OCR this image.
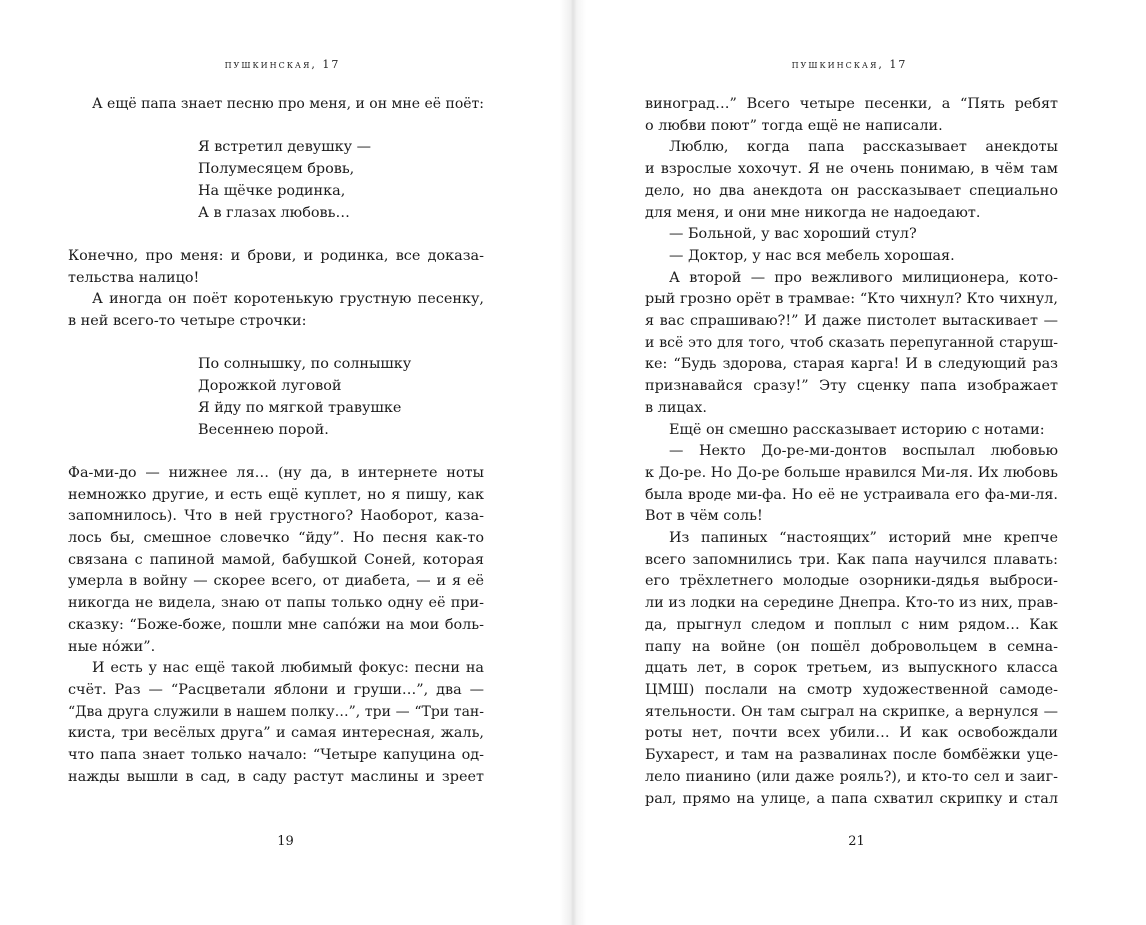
пушкинская, 17
А ещё папа знает песню про меня, и он мне её поёт:
Я встретил девушку —
Полумесяцем бровь,
На щёчке родинка,
А в глазах любовь…
Конечно, про меня: и брови, и родинка, все доказа-
тельства налицо!
А иногда он поёт коротенькую грустную песенку,
в ней всего-то четыре строчки:
По солнышку, по солнышку
Дорожкой луговой
Я йду по мягкой травушке
Весеннею порой.
Фа-ми-до — нижнее ля… (ну да, в интернете ноты
немножко другие, и есть ещё куплет, но я пишу, как
запомнилось). Что в ней грустного? Наоборот, каза-
лось бы, смешное словечко “йду”. Но песня как-то
связана с папиной мамой, бабушкой Соней, которая
умерла в войну — скорее всего, от диабета, — и я её
никогда не видела, знаю от папы только одну её при-
сказку: “Боже-боже, пошли мне сапóжи на мои боль-
ные нóжи”.
И есть у нас ещё такой любимый фокус: песни на
счёт. Раз — “Расцветали яблони и груши…”, два —
“Два друга служили в нашем полку…”, три — “Три тан-
киста, три весёлых друга” и самая интересная, жаль,
что папа знает только начало: “Четыре капуцина од-
нажды вышли в сад, в саду растут маслины и зреет
19
пушкинская, 17
виноград…” Всего четыре песенки, а “Пять ребят
о любви поют” тогда ещё не написали.
Люблю, когда папа рассказывает анекдоты
и взрослые хохочут. Я не очень понимаю, в чём там
дело, но два анекдота он рассказывает специально
для меня, и они мне никогда не надоедают.
— Больной, у вас хороший стул?
— Доктор, у нас вся мебель хорошая.
А второй — про вежливого милиционера, кото-
рый грозно орёт в трамвае: “Кто чихнул? Кто чихнул,
я вас спрашиваю?!” И даже пистолет вытаскивает —
и всё это для того, чтоб сказать перепуганной старуш-
ке: “Будь здорова, старая карга! И в следующий раз
признавайся сразу!” Эту сценку папа изображает
в лицах.
Ещё он смешно рассказывает историю с нотами:
— Некто До-ре-ми-донтов воспылал любовью
к До-ре. Но До-ре больше нравился Ми-ля. Их любовь
была вроде ми-фа. Но её не устраивала его фа-ми-ля.
Вот в чём соль!
Из папиных “настоящих” историй мне крепче
всего запомнились три. Как папа научился плавать:
его трёхлетнего молодые озорники-дядья выброси-
ли из лодки на середине Днепра. Кто-то из них, прав-
да, прыгнул следом и поплыл с ним рядом… Как
папу на войне (он пошёл добровольцем в семна-
дцать лет, в сорок третьем, из выпускного класса
ЦМШ) послали на смотр художественной самоде-
ятельности. Он там сыграл на скрипке, а вернулся —
роты нет, почти всех убили… И как освобождали
Бухарест, и там на развалинах после бомбёжки уце-
лело пианино (или даже рояль?), и кто-то сел и заиг-
рал, прямо на улице, а папа схватил скрипку и стал
21
